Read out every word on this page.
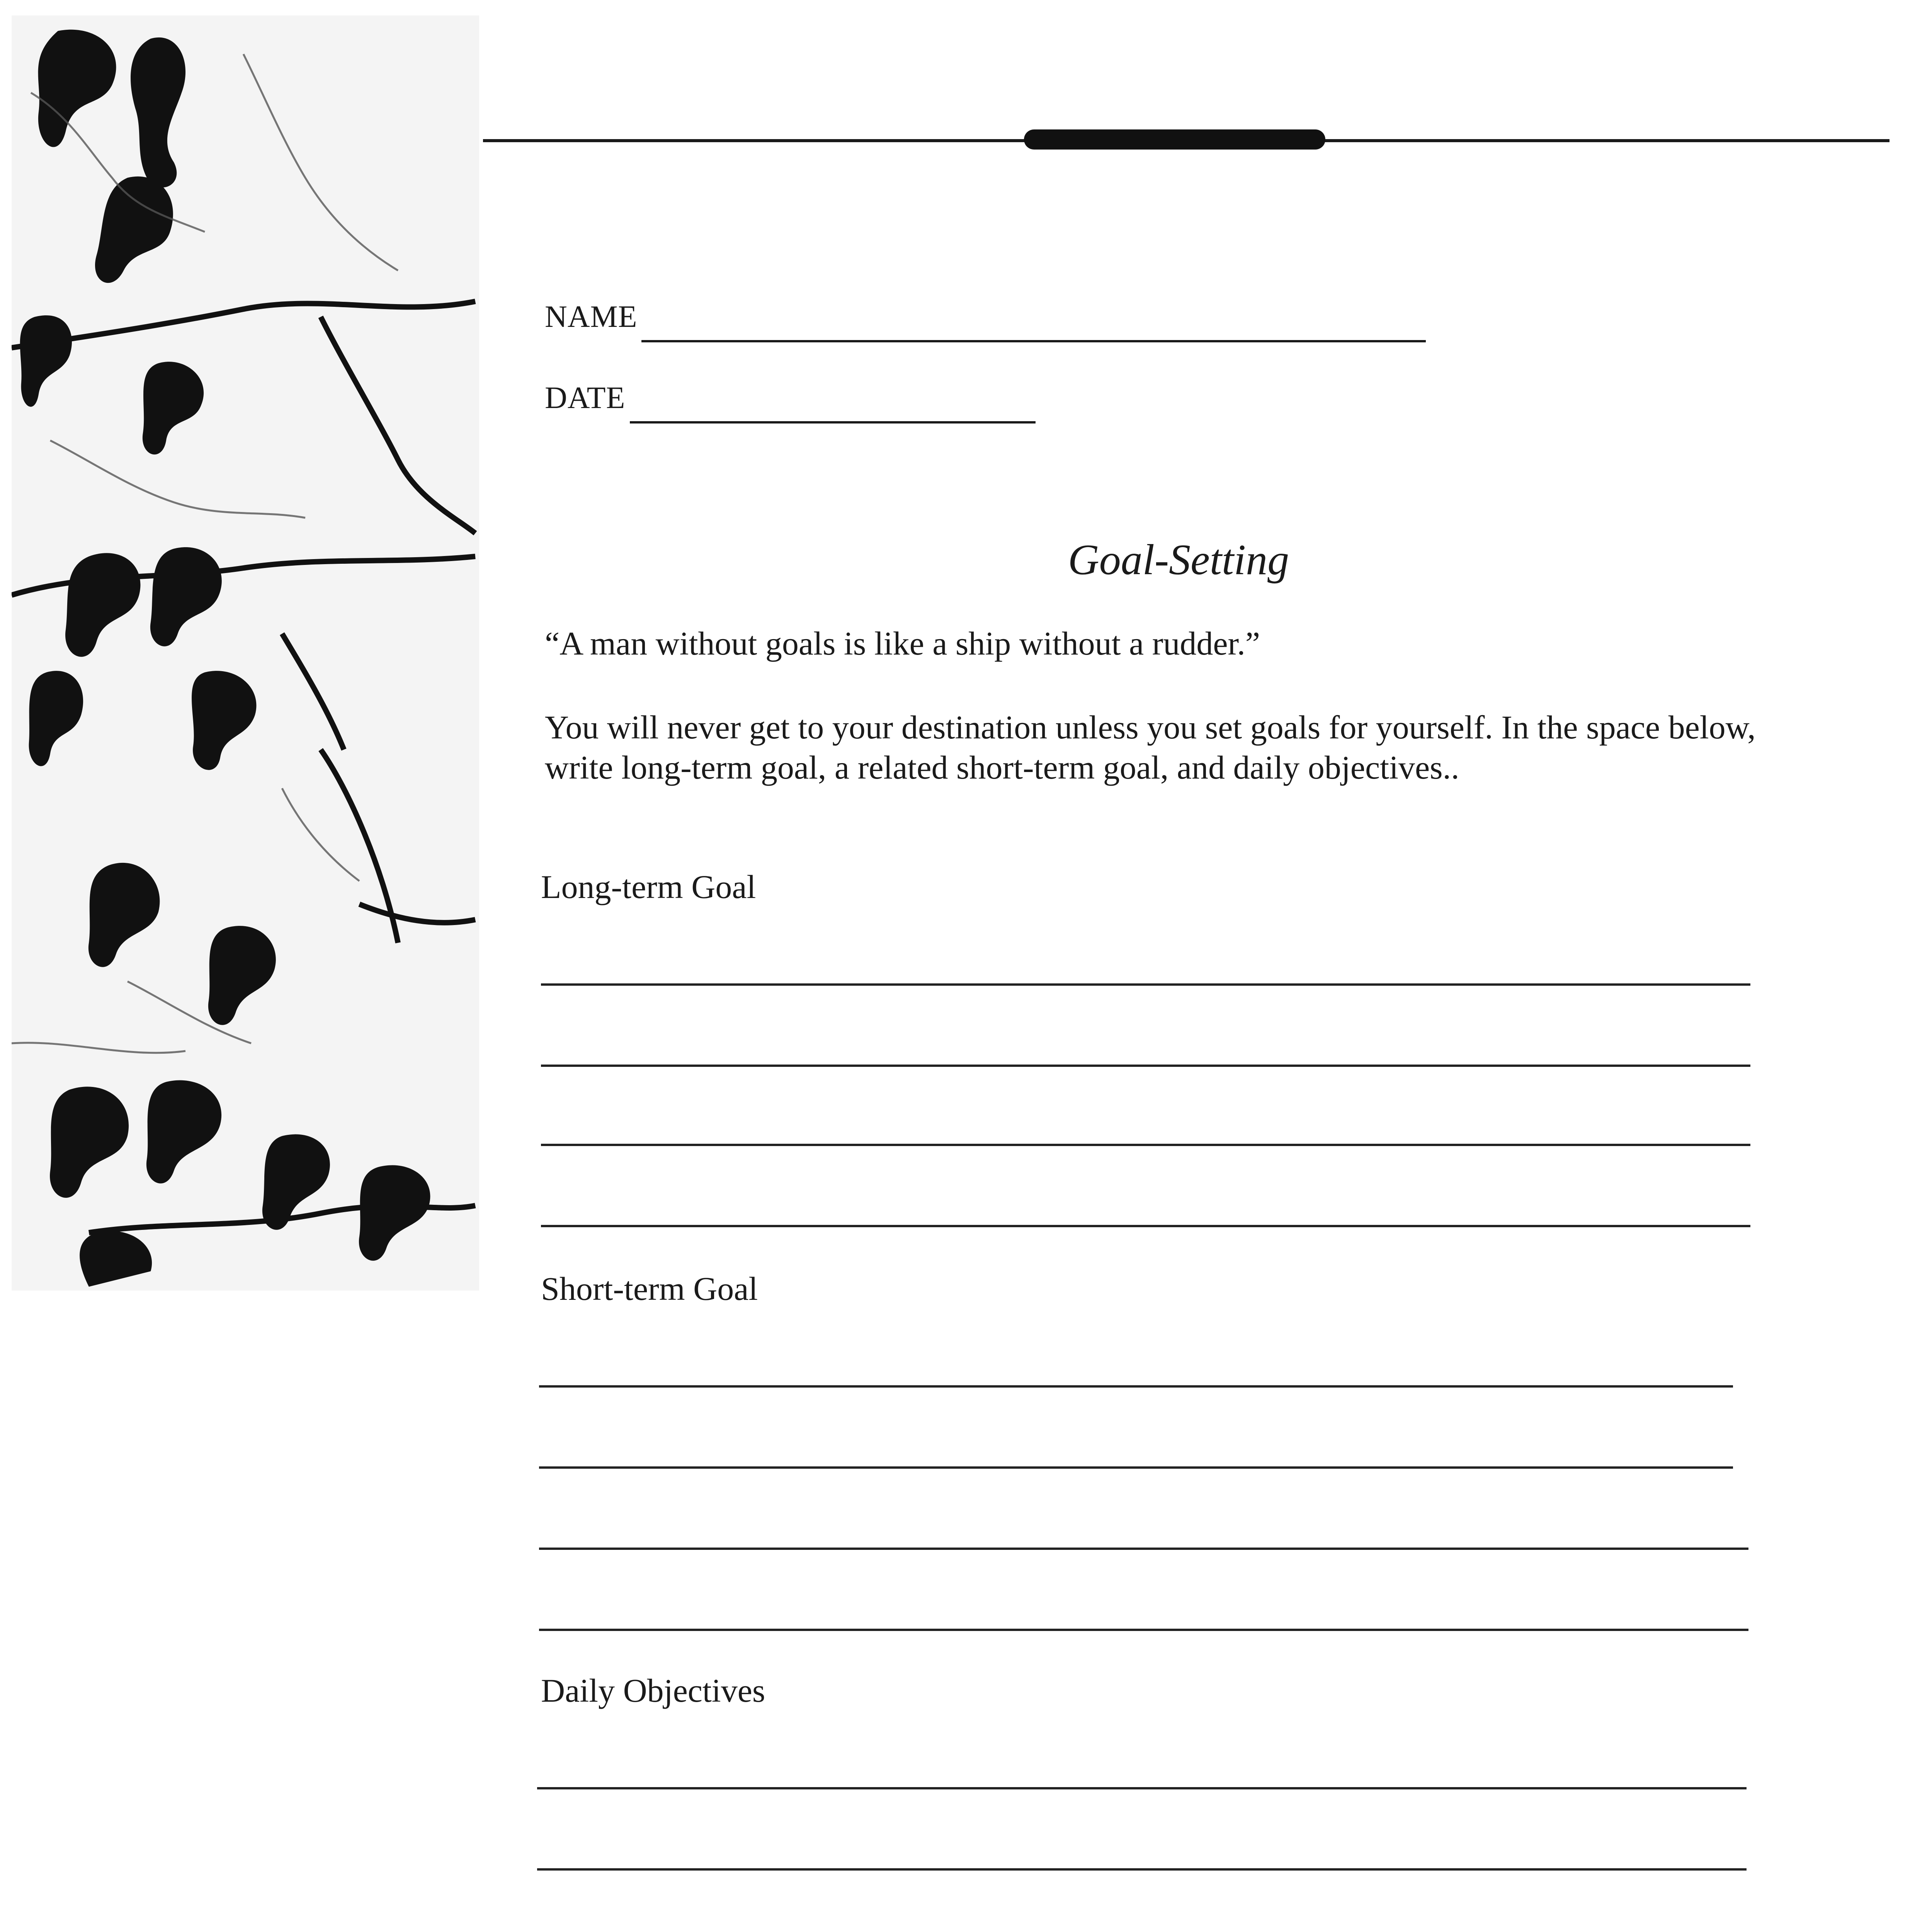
NAME
DATE
Goal-Setting
“A man without goals is like a ship without a rudder.”
You will never get to your destination unless you set goals for yourself. In the space below, write long-term goal, a related short-term goal, and daily objectives..
Long-term Goal
Short-term Goal
Daily Objectives
